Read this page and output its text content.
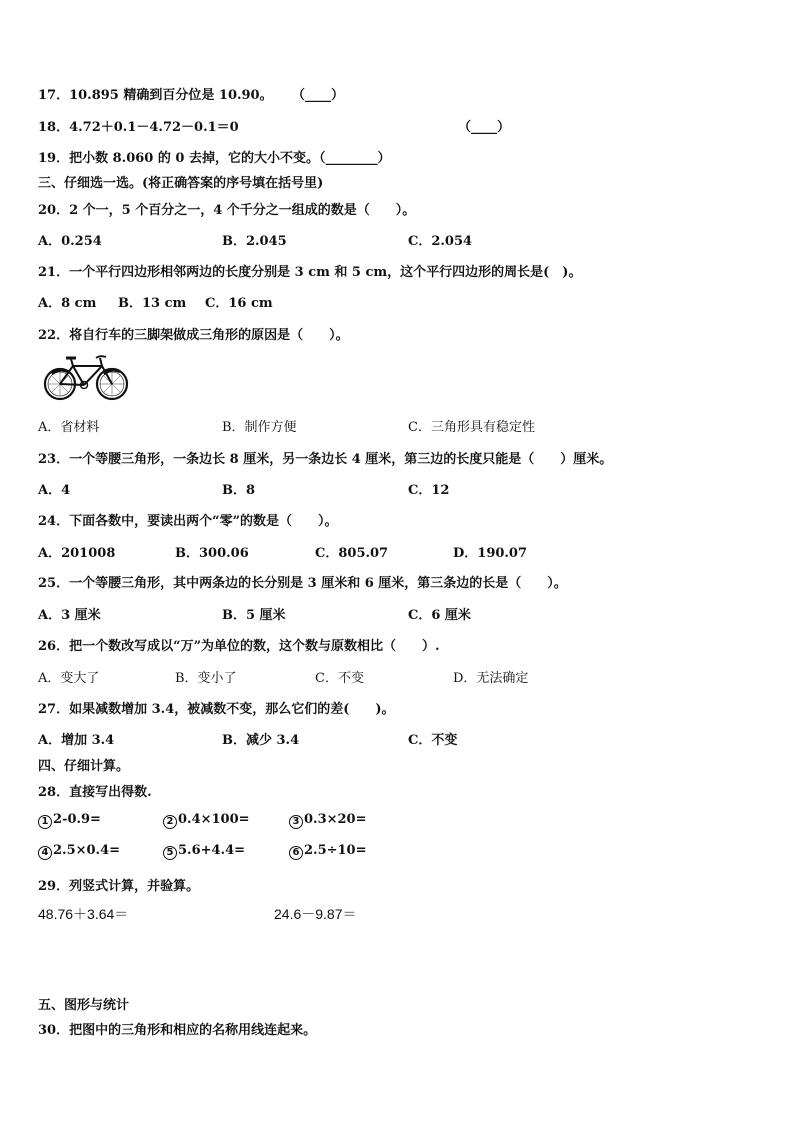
17．10.895 精确到百分位是 10.90。 （____）
18．4.72＋0.1－4.72－0.1＝0	（____）
19．把小数 8.060 的 0 去掉，它的大小不变。（________）
三、仔细选一选。(将正确答案的序号填在括号里)
20．2 个一，5 个百分之一，4 个千分之一组成的数是（　　）。
A．0.254	B．2.045	C．2.054
21．一个平行四边形相邻两边的长度分别是 3 cm 和 5 cm，这个平行四边形的周长是(　)。
A．8 cm B．13 cm C．16 cm
22．将自行车的三脚架做成三角形的原因是（　　）。
A．省材料	B．制作方便	C．三角形具有稳定性
23．一个等腰三角形，一条边长 8 厘米，另一条边长 4 厘米，第三边的长度只能是（　　）厘米。
A．4	B．8	C．12
24．下面各数中，要读出两个“零”的数是（　　）。
A．201008	B．300.06	C．805.07	D．190.07
25．一个等腰三角形，其中两条边的长分别是 3 厘米和 6 厘米，第三条边的长是（　　）。
A．3 厘米	B．5 厘米	C．6 厘米
26．把一个数改写成以“万”为单位的数，这个数与原数相比（　　）.
A．变大了	B．变小了	C．不变	D．无法确定
27．如果减数增加 3.4，被减数不变，那么它们的差(　　)。
A．增加 3.4	B．减少 3.4	C．不变
四、仔细计算。
28．直接写出得数.
1 2-0.9=	2 0.4×100=	3 0.3×20=
4 2.5×0.4=	5 5.6+4.4=	6 2.5÷10=
29．列竖式计算，并验算。
48.76＋3.64＝	24.6－9.87＝
五、图形与统计
30．把图中的三角形和相应的名称用线连起来。
